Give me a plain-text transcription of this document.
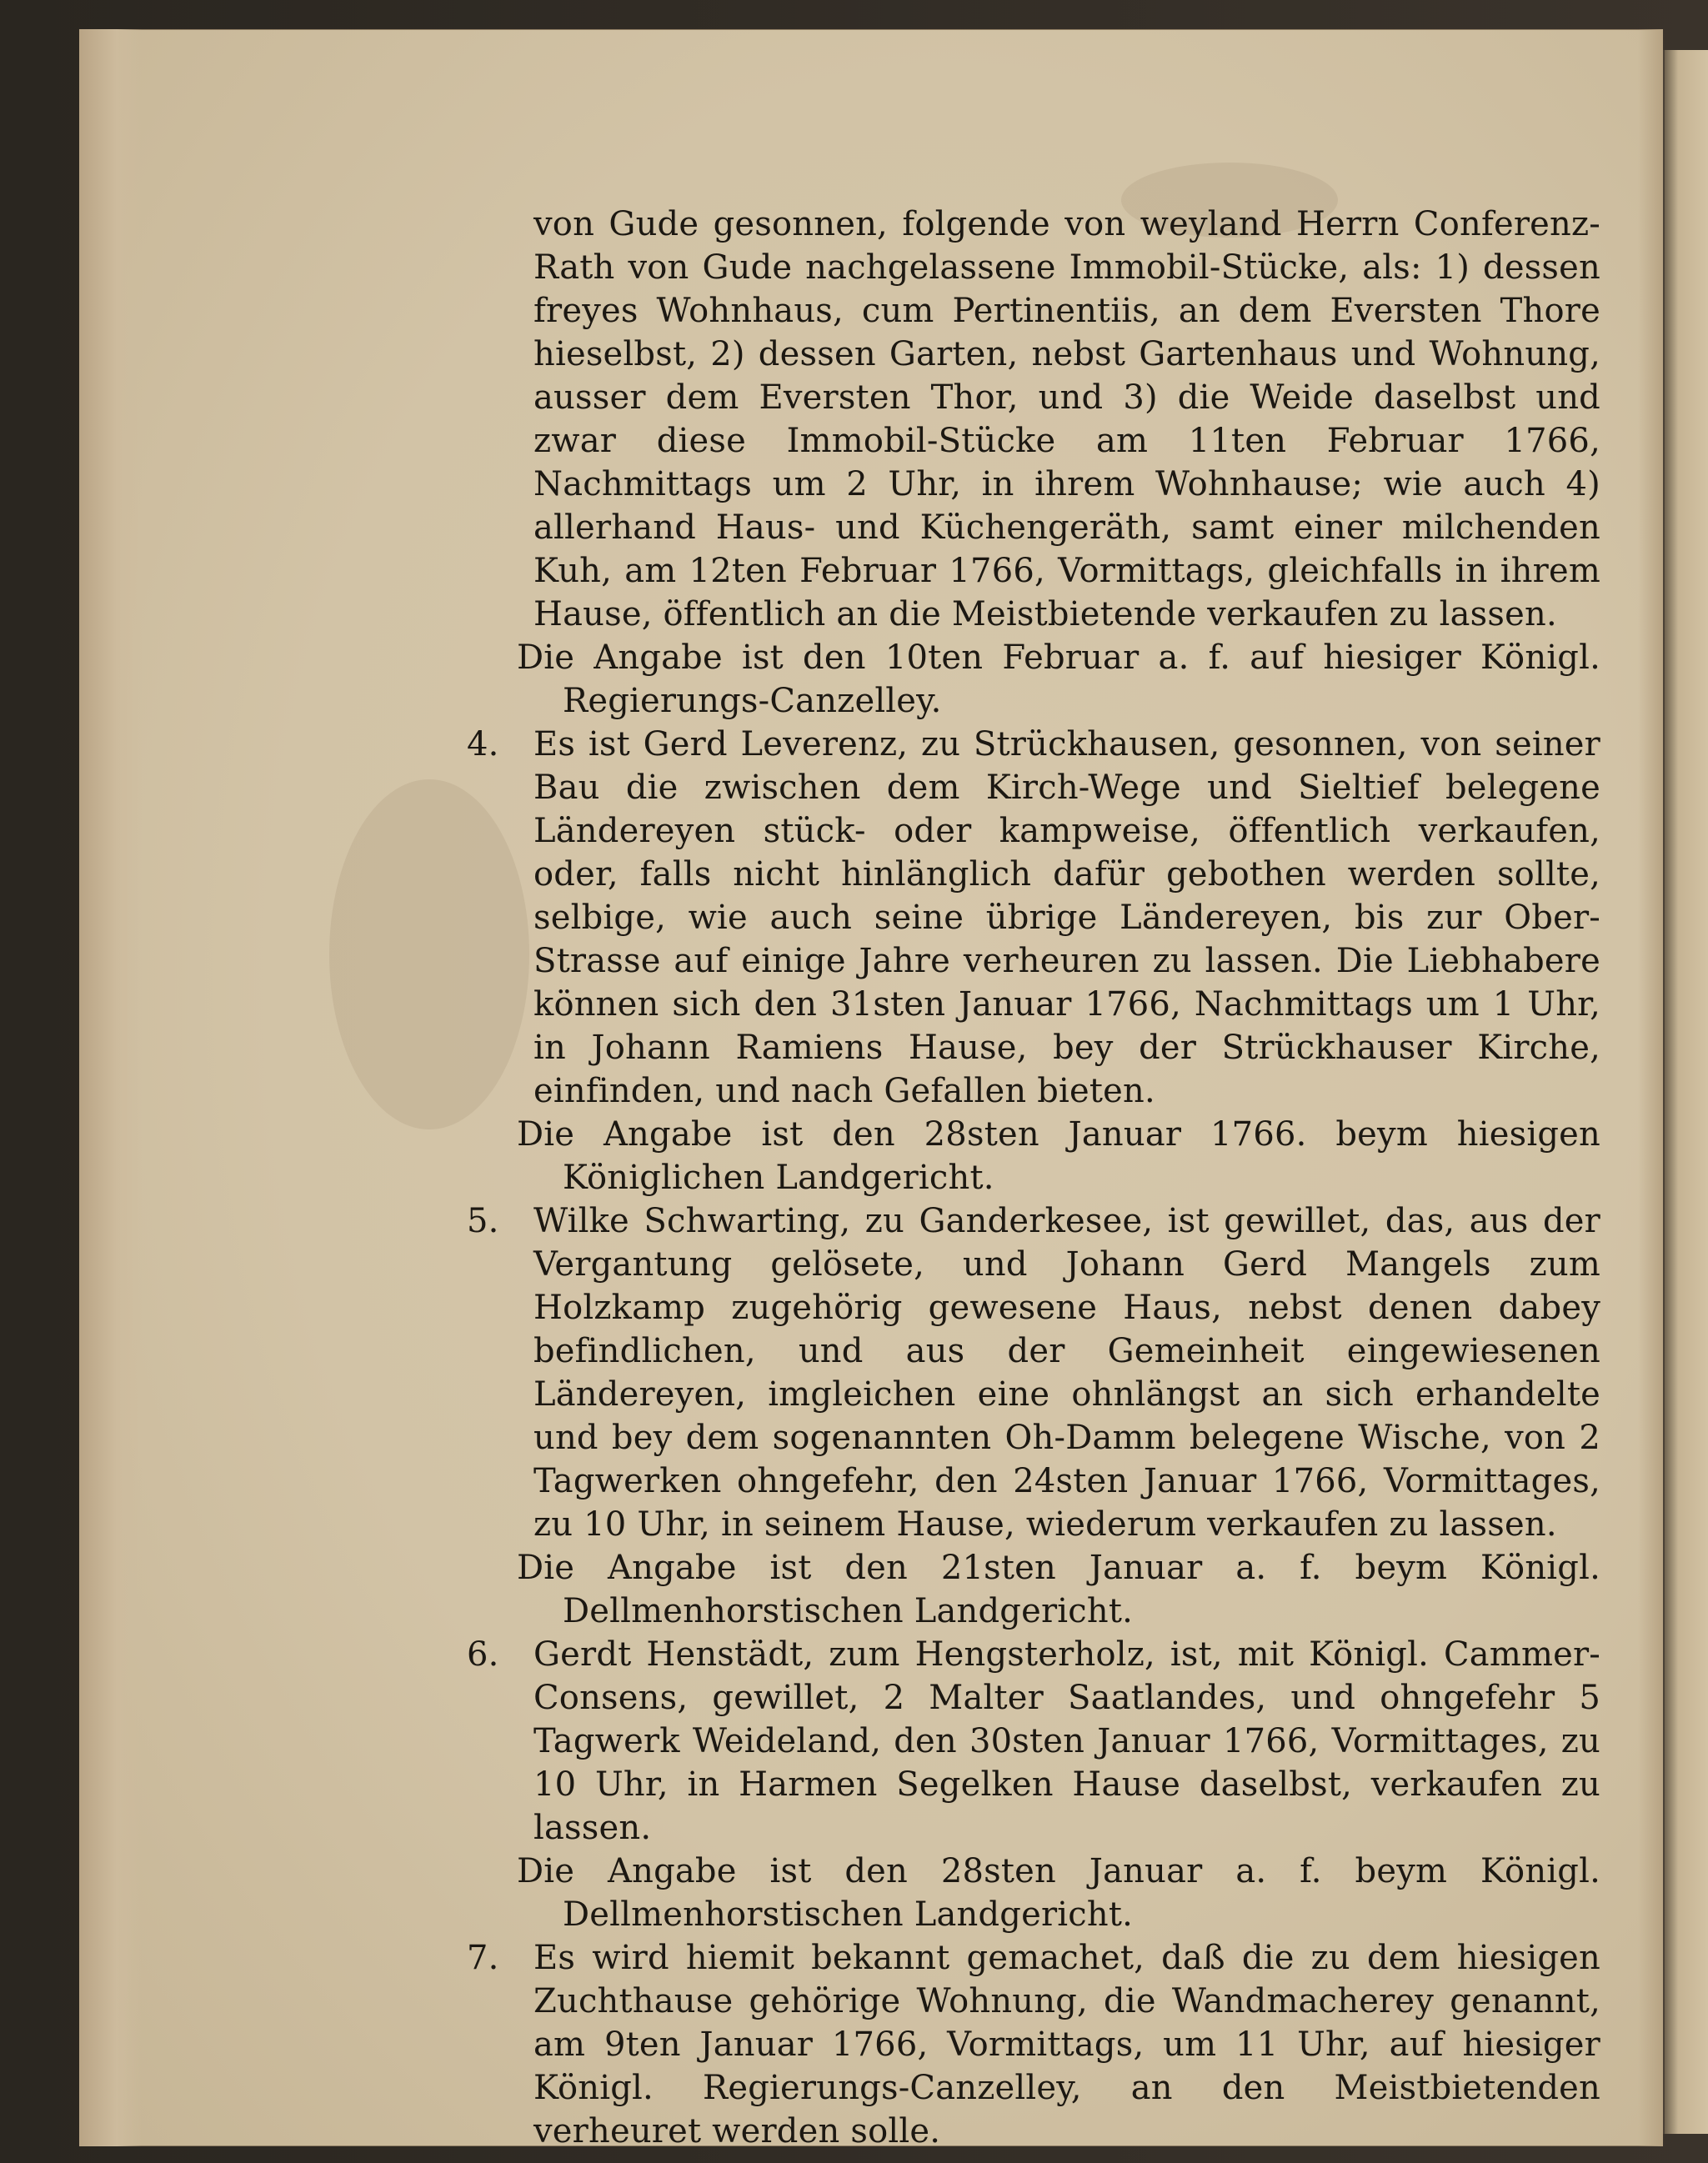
von Gude gesonnen, folgende von weyland Herrn Conferenz-Rath von Gude nachgelassene Immobil-Stücke, als: 1) dessen freyes Wohnhaus, cum Pertinentiis, an dem Eversten Thore hieselbst, 2) dessen Garten, nebst Gartenhaus und Wohnung, ausser dem Eversten Thor, und 3) die Weide daselbst und zwar diese Immobil-Stücke am 11ten Februar 1766, Nachmittags um 2 Uhr, in ihrem Wohnhause; wie auch 4) allerhand Haus- und Küchengeräth, samt einer milchenden Kuh, am 12ten Februar 1766, Vormittags, gleichfalls in ihrem Hause, öffentlich an die Meistbietende verkaufen zu lassen.

Die Angabe ist den 10ten Februar a. f. auf hiesiger Königl. Regierungs-Canzelley.

4.	Es ist Gerd Leverenz, zu Strückhausen, gesonnen, von seiner Bau die zwischen dem Kirch-Wege und Sieltief belegene Ländereyen stück- oder kampweise, öffentlich verkaufen, oder, falls nicht hinlänglich dafür gebothen werden sollte, selbige, wie auch seine übrige Ländereyen, bis zur Ober-Strasse auf einige Jahre verheuren zu lassen. Die Liebhabere können sich den 31sten Januar 1766, Nachmittags um 1 Uhr, in Johann Ramiens Hause, bey der Strückhauser Kirche, einfinden, und nach Gefallen bieten.

Die Angabe ist den 28sten Januar 1766. beym hiesigen Königlichen Landgericht.

5.	Wilke Schwarting, zu Ganderkesee, ist gewillet, das, aus der Vergantung gelösete, und Johann Gerd Mangels zum Holzkamp zugehörig gewesene Haus, nebst denen dabey befindlichen, und aus der Gemeinheit eingewiesenen Ländereyen, imgleichen eine ohnlängst an sich erhandelte und bey dem sogenannten Oh-Damm belegene Wische, von 2 Tagwerken ohngefehr, den 24sten Januar 1766, Vormittages, zu 10 Uhr, in seinem Hause, wiederum verkaufen zu lassen.

Die Angabe ist den 21sten Januar a. f. beym Königl. Dellmenhorstischen Landgericht.

6.	Gerdt Henstädt, zum Hengsterholz, ist, mit Königl. Cammer-Consens, gewillet, 2 Malter Saatlandes, und ohngefehr 5 Tagwerk Weideland, den 30sten Januar 1766, Vormittages, zu 10 Uhr, in Harmen Segelken Hause daselbst, verkaufen zu lassen.

Die Angabe ist den 28sten Januar a. f. beym Königl. Dellmenhorstischen Landgericht.

7.	Es wird hiemit bekannt gemachet, daß die zu dem hiesigen Zuchthause gehörige Wohnung, die Wandmacherey genannt, am 9ten Januar 1766, Vormittags, um 11 Uhr, auf hiesiger Königl. Regierungs-Canzelley, an den Meistbietenden verheuret werden solle.
